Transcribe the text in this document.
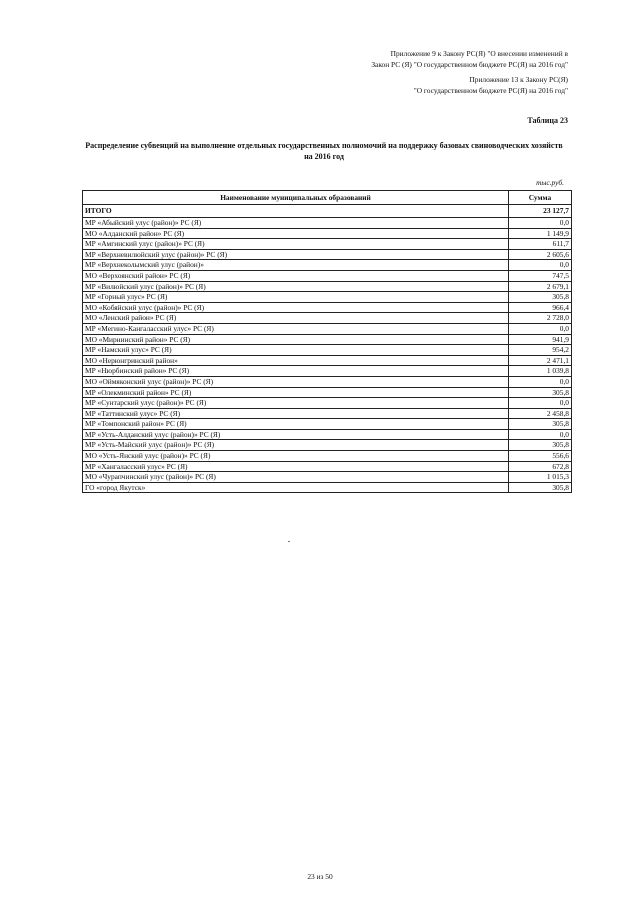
Приложение 9 к Закону РС(Я) "О внесении изменений в
Закон РС (Я) "О государственном бюджете РС(Я) на 2016 год"
Приложение 13 к Закону РС(Я)
"О государственном бюджете РС(Я) на 2016 год"
Таблица 23
Распределение субвенций на выполнение отдельных государственных полномочий на поддержку базовых свиноводческих хозяйств на 2016 год
тыс.руб.
Наименование муниципальных образований	Сумма
ИТОГО	23 127,7
МР «Абыйский улус (район)» РС (Я)	0,0
МО «Алданский район» РС (Я)	1 149,9
МР «Амгинский улус (район)» РС (Я)	611,7
МР «Верхневилюйский улус (район)» РС (Я)	2 605,6
МР «Верхнеколымский улус (район)»	0,0
МО «Верхоянский район» РС (Я)	747,5
МР «Вилюйский улус (район)» РС (Я)	2 679,1
МР «Горный улус» РС (Я)	305,8
МО «Кобяйский улус (район)» РС (Я)	966,4
МО «Ленский район» РС (Я)	2 728,0
МР «Мегино-Кангаласский улус» РС (Я)	0,0
МО «Мирнинский район» РС (Я)	941,9
МР «Намский улус» РС (Я)	954,2
МО «Нерюнгринский район»	2 471,1
МР «Нюрбинский район» РС (Я)	1 039,8
МО «Оймяконский улус (район)» РС (Я)	0,0
МР «Олекминский район» РС (Я)	305,8
МР «Сунтарский улус (район)» РС (Я)	0,0
МР «Таттинский улус» РС (Я)	2 458,8
МР «Томпонский район» РС (Я)	305,8
МР «Усть-Алданский улус (район)» РС (Я)	0,0
МР «Усть-Майский улус (район)» РС (Я)	305,8
МО «Усть-Янский улус (район)» РС (Я)	556,6
МР «Хангаласский улус» РС (Я)	672,8
МО «Чурапчинский улус (район)» РС (Я)	1 015,3
ГО «город Якутск»	305,8
23 из 50
